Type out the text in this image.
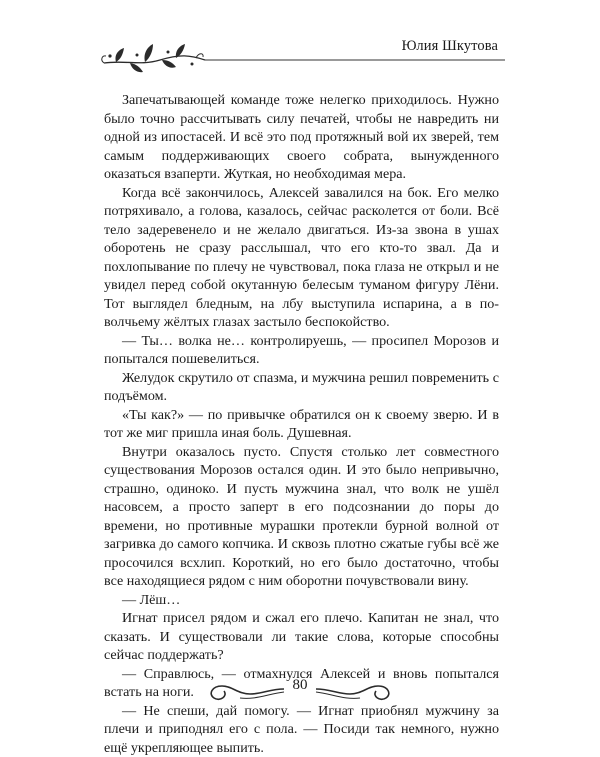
Юлия Шкутова

Запечатывающей команде тоже нелегко приходилось. Нужно было точно рассчитывать силу печатей, чтобы не навредить ни одной из ипостасей. И всё это под протяжный вой их зверей, тем самым поддерживающих своего собрата, вынужденного оказаться взаперти. Жуткая, но необходимая мера.

Когда всё закончилось, Алексей завалился на бок. Его мелко потряхивало, а голова, казалось, сейчас расколется от боли. Всё тело задеревенело и не желало двигаться. Из-за звона в ушах оборотень не сразу расслышал, что его кто-то звал. Да и похлопывание по плечу не чувствовал, пока глаза не открыл и не увидел перед собой окутанную белесым туманом фигуру Лёни. Тот выглядел бледным, на лбу выступила испарина, а в по-волчьему жёлтых глазах застыло беспокойство.

— Ты… волка не… контролируешь, — просипел Морозов и попытался пошевелиться.

Желудок скрутило от спазма, и мужчина решил повременить с подъёмом.

«Ты как?» — по привычке обратился он к своему зверю. И в тот же миг пришла иная боль. Душевная.

Внутри оказалось пусто. Спустя столько лет совместного существования Морозов остался один. И это было непривычно, страшно, одиноко. И пусть мужчина знал, что волк не ушёл насовсем, а просто заперт в его подсознании до поры до времени, но противные мурашки протекли бурной волной от загривка до самого копчика. И сквозь плотно сжатые губы всё же просочился всхлип. Короткий, но его было достаточно, чтобы все находящиеся рядом с ним оборотни почувствовали вину.

— Лёш…

Игнат присел рядом и сжал его плечо. Капитан не знал, что сказать. И существовали ли такие слова, которые способны сейчас поддержать?

— Справлюсь, — отмахнулся Алексей и вновь попытался встать на ноги.

— Не спеши, дай помогу. — Игнат приобнял мужчину за плечи и приподнял его с пола. — Посиди так немного, нужно ещё укрепляющее выпить.

80
